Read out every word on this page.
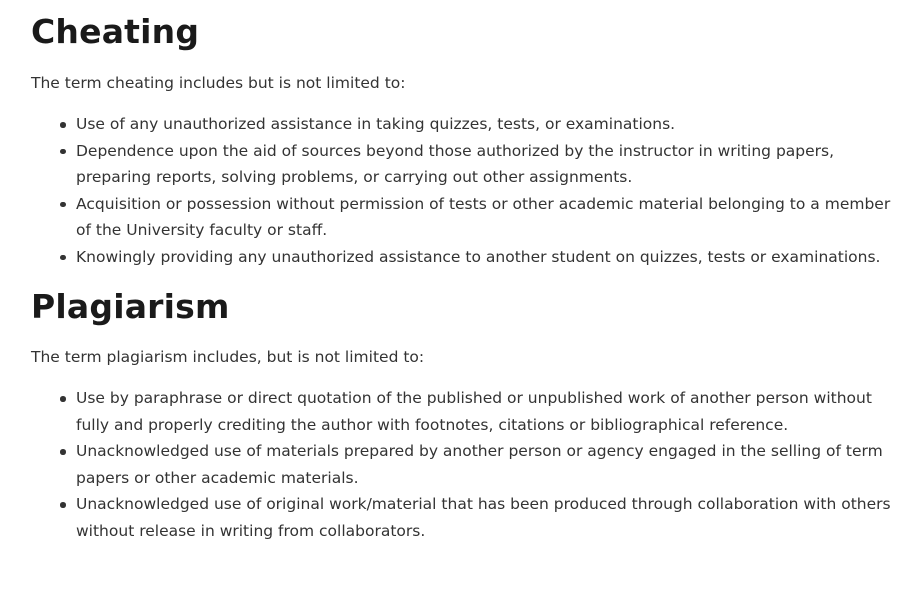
Cheating

The term cheating includes but is not limited to:

Use of any unauthorized assistance in taking quizzes, tests, or examinations.
Dependence upon the aid of sources beyond those authorized by the instructor in writing papers, preparing reports, solving problems, or carrying out other assignments.
Acquisition or possession without permission of tests or other academic material belonging to a member of the University faculty or staff.
Knowingly providing any unauthorized assistance to another student on quizzes, tests or examinations.
Plagiarism

The term plagiarism includes, but is not limited to:

Use by paraphrase or direct quotation of the published or unpublished work of another person without fully and properly crediting the author with footnotes, citations or bibliographical reference.
Unacknowledged use of materials prepared by another person or agency engaged in the selling of term papers or other academic materials.
Unacknowledged use of original work/material that has been produced through collaboration with others without release in writing from collaborators.
